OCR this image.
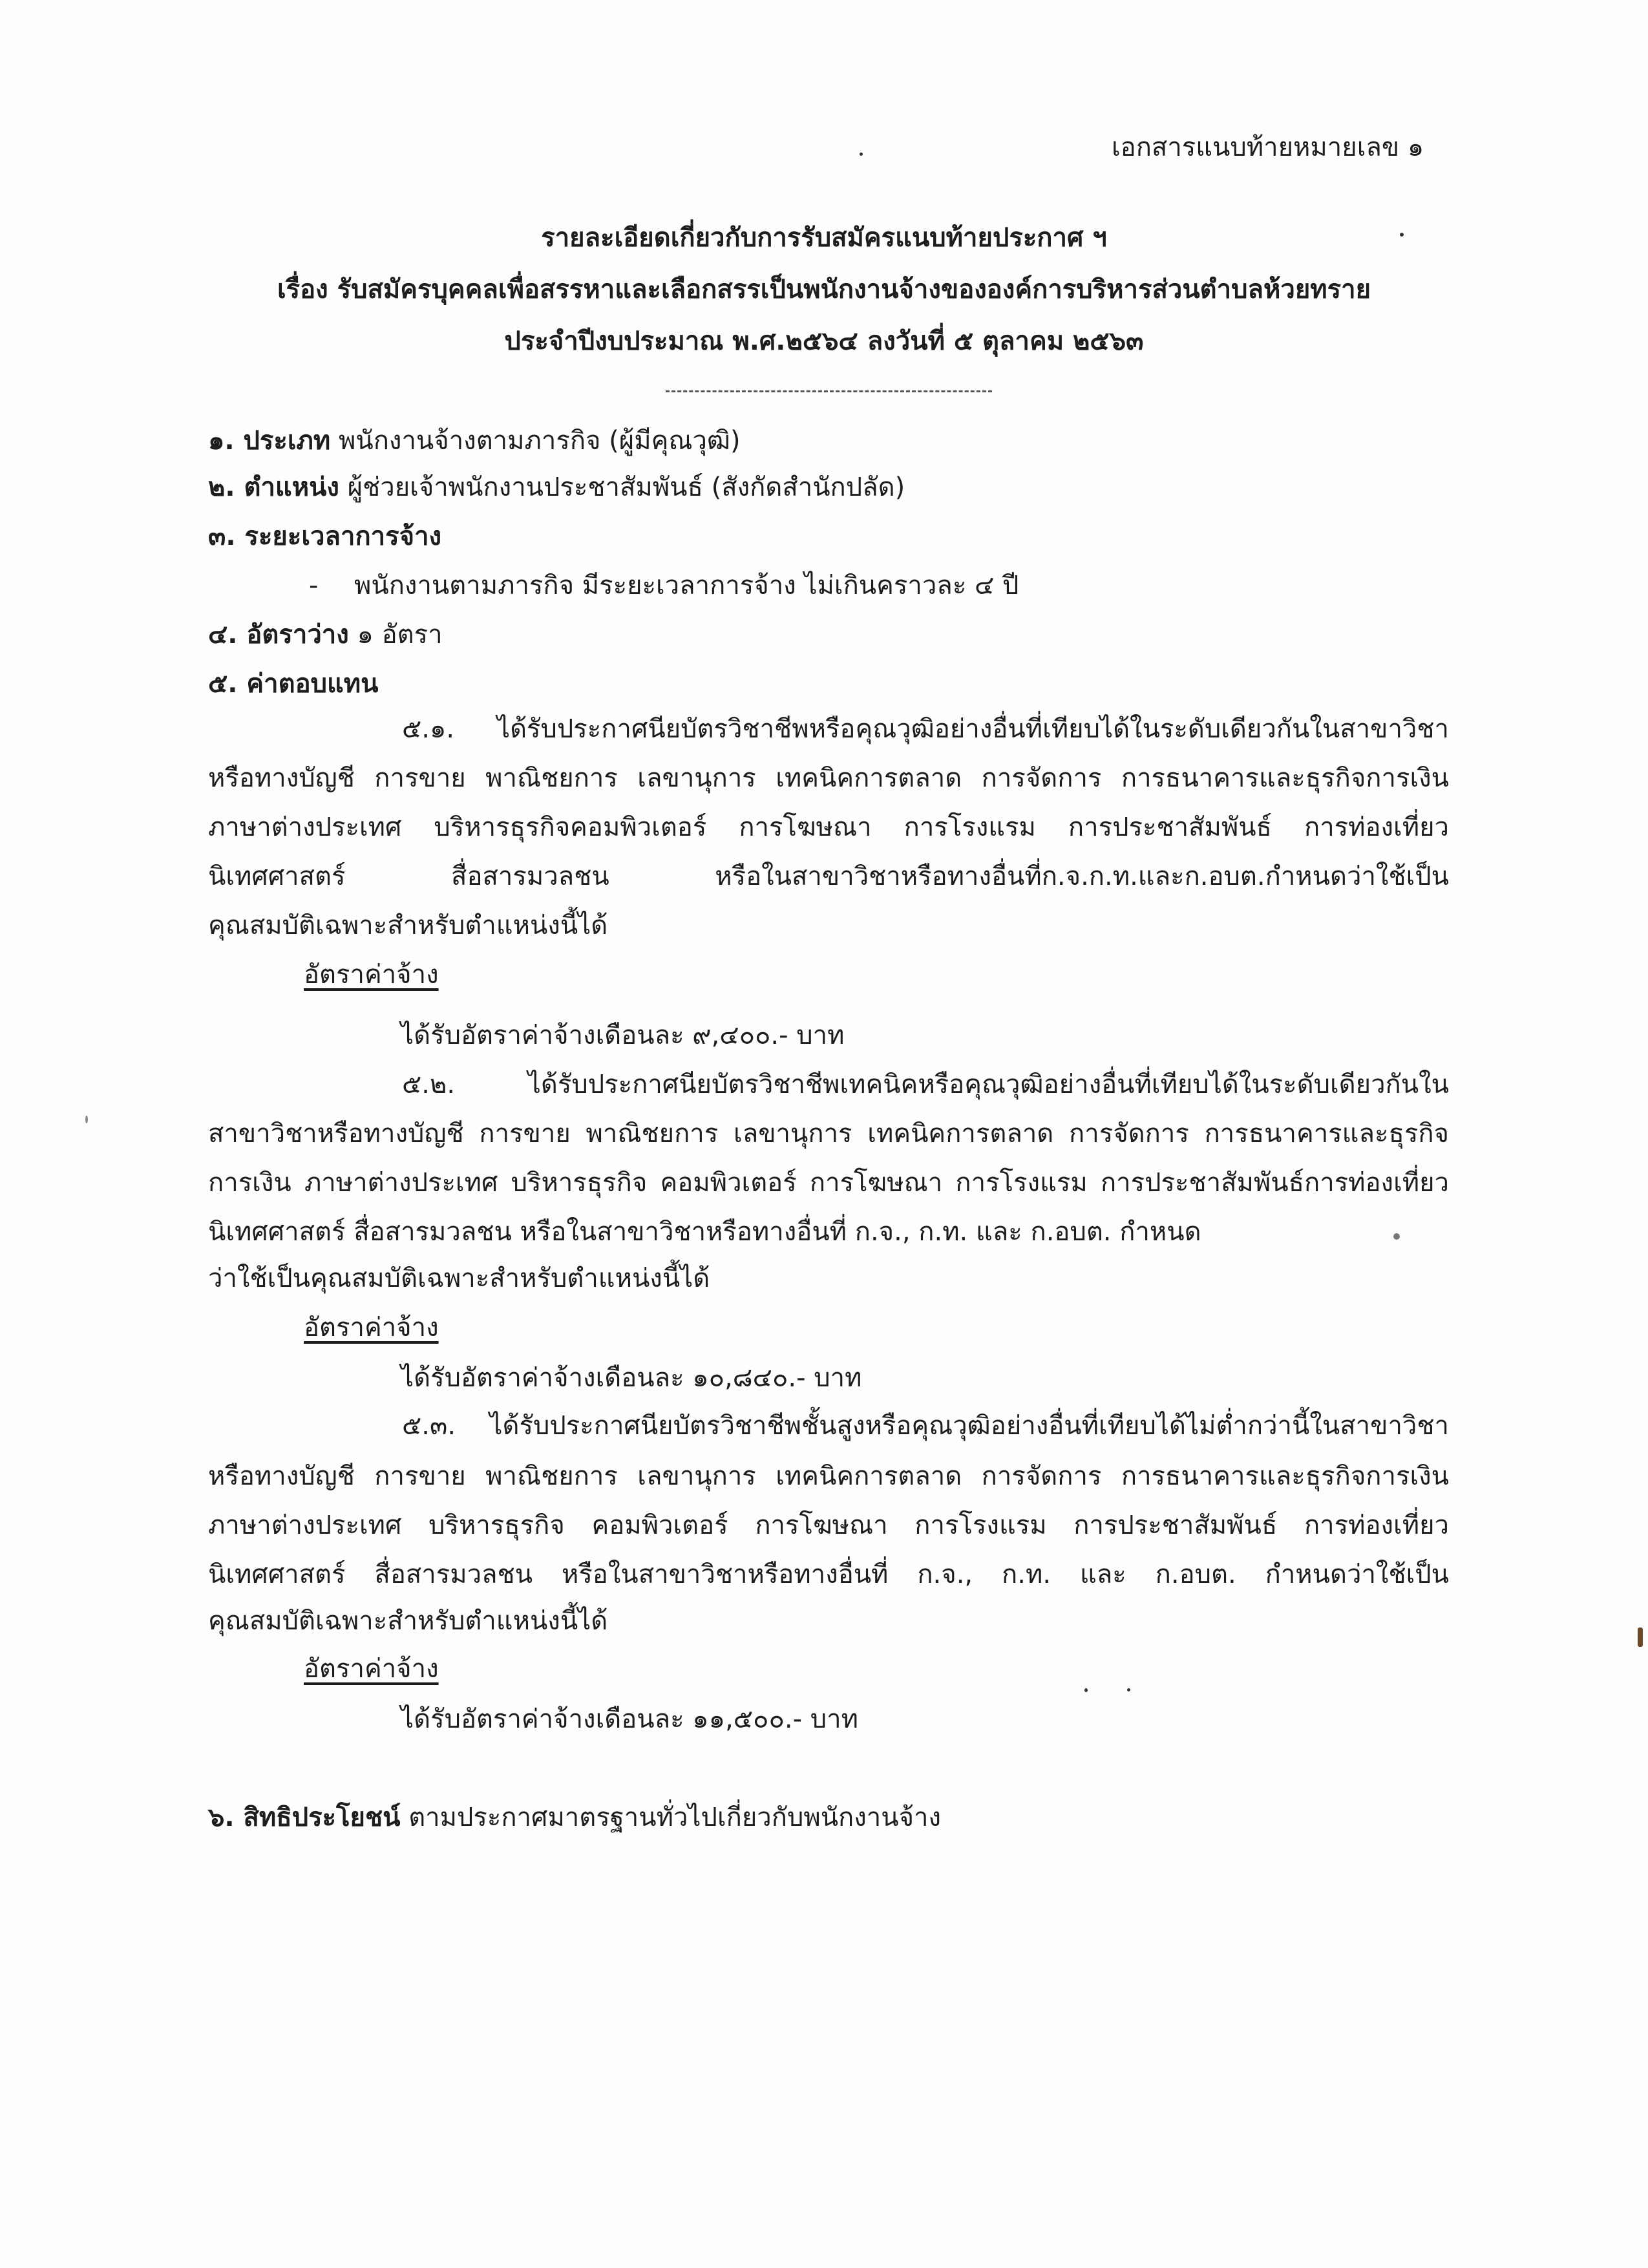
เอกสารแนบท้ายหมายเลข ๑
รายละเอียดเกี่ยวกับการรับสมัครแนบท้ายประกาศ ฯ
เรื่อง รับสมัครบุคคลเพื่อสรรหาและเลือกสรรเป็นพนักงานจ้างขององค์การบริหารส่วนตำบลห้วยทราย
ประจำปีงบประมาณ พ.ศ.๒๕๖๔ ลงวันที่ ๕ ตุลาคม ๒๕๖๓
๑. ประเภท พนักงานจ้างตามภารกิจ (ผู้มีคุณวุฒิ)
๒. ตำแหน่ง ผู้ช่วยเจ้าพนักงานประชาสัมพันธ์ (สังกัดสำนักปลัด)
๓. ระยะเวลาการจ้าง
- พนักงานตามภารกิจ มีระยะเวลาการจ้าง ไม่เกินคราวละ ๔ ปี
๔. อัตราว่าง ๑ อัตรา
๕. ค่าตอบแทน
๕.๑. ได้รับประกาศนียบัตรวิชาชีพหรือคุณวุฒิอย่างอื่นที่เทียบได้ในระดับเดียวกันในสาขาวิชา
หรือทางบัญชี การขาย พาณิชยการ เลขานุการ เทคนิคการตลาด การจัดการ การธนาคารและธุรกิจการเงิน
ภาษาต่างประเทศ บริหารธุรกิจคอมพิวเตอร์ การโฆษณา การโรงแรม การประชาสัมพันธ์ การท่องเที่ยว
นิเทศศาสตร์ สื่อสารมวลชน หรือในสาขาวิชาหรือทางอื่นที่ก.จ.ก.ท.และก.อบต.กำหนดว่าใช้เป็น
คุณสมบัติเฉพาะสำหรับตำแหน่งนี้ได้
อัตราค่าจ้าง
ได้รับอัตราค่าจ้างเดือนละ ๙,๔๐๐.- บาท
๕.๒. ได้รับประกาศนียบัตรวิชาชีพเทคนิคหรือคุณวุฒิอย่างอื่นที่เทียบได้ในระดับเดียวกันใน
สาขาวิชาหรือทางบัญชี การขาย พาณิชยการ เลขานุการ เทคนิคการตลาด การจัดการ การธนาคารและธุรกิจ
การเงิน ภาษาต่างประเทศ บริหารธุรกิจ คอมพิวเตอร์ การโฆษณา การโรงแรม การประชาสัมพันธ์การท่องเที่ยว
นิเทศศาสตร์ สื่อสารมวลชน หรือในสาขาวิชาหรือทางอื่นที่ ก.จ., ก.ท. และ ก.อบต. กำหนด
ว่าใช้เป็นคุณสมบัติเฉพาะสำหรับตำแหน่งนี้ได้
อัตราค่าจ้าง
ได้รับอัตราค่าจ้างเดือนละ ๑๐,๘๔๐.- บาท
๕.๓. ได้รับประกาศนียบัตรวิชาชีพชั้นสูงหรือคุณวุฒิอย่างอื่นที่เทียบได้ไม่ต่ำกว่านี้ในสาขาวิชา
หรือทางบัญชี การขาย พาณิชยการ เลขานุการ เทคนิคการตลาด การจัดการ การธนาคารและธุรกิจการเงิน
ภาษาต่างประเทศ บริหารธุรกิจ คอมพิวเตอร์ การโฆษณา การโรงแรม การประชาสัมพันธ์ การท่องเที่ยว
นิเทศศาสตร์ สื่อสารมวลชน หรือในสาขาวิชาหรือทางอื่นที่ ก.จ., ก.ท. และ ก.อบต. กำหนดว่าใช้เป็น
คุณสมบัติเฉพาะสำหรับตำแหน่งนี้ได้
อัตราค่าจ้าง
ได้รับอัตราค่าจ้างเดือนละ ๑๑,๕๐๐.- บาท
๖. สิทธิประโยชน์ ตามประกาศมาตรฐานทั่วไปเกี่ยวกับพนักงานจ้าง
